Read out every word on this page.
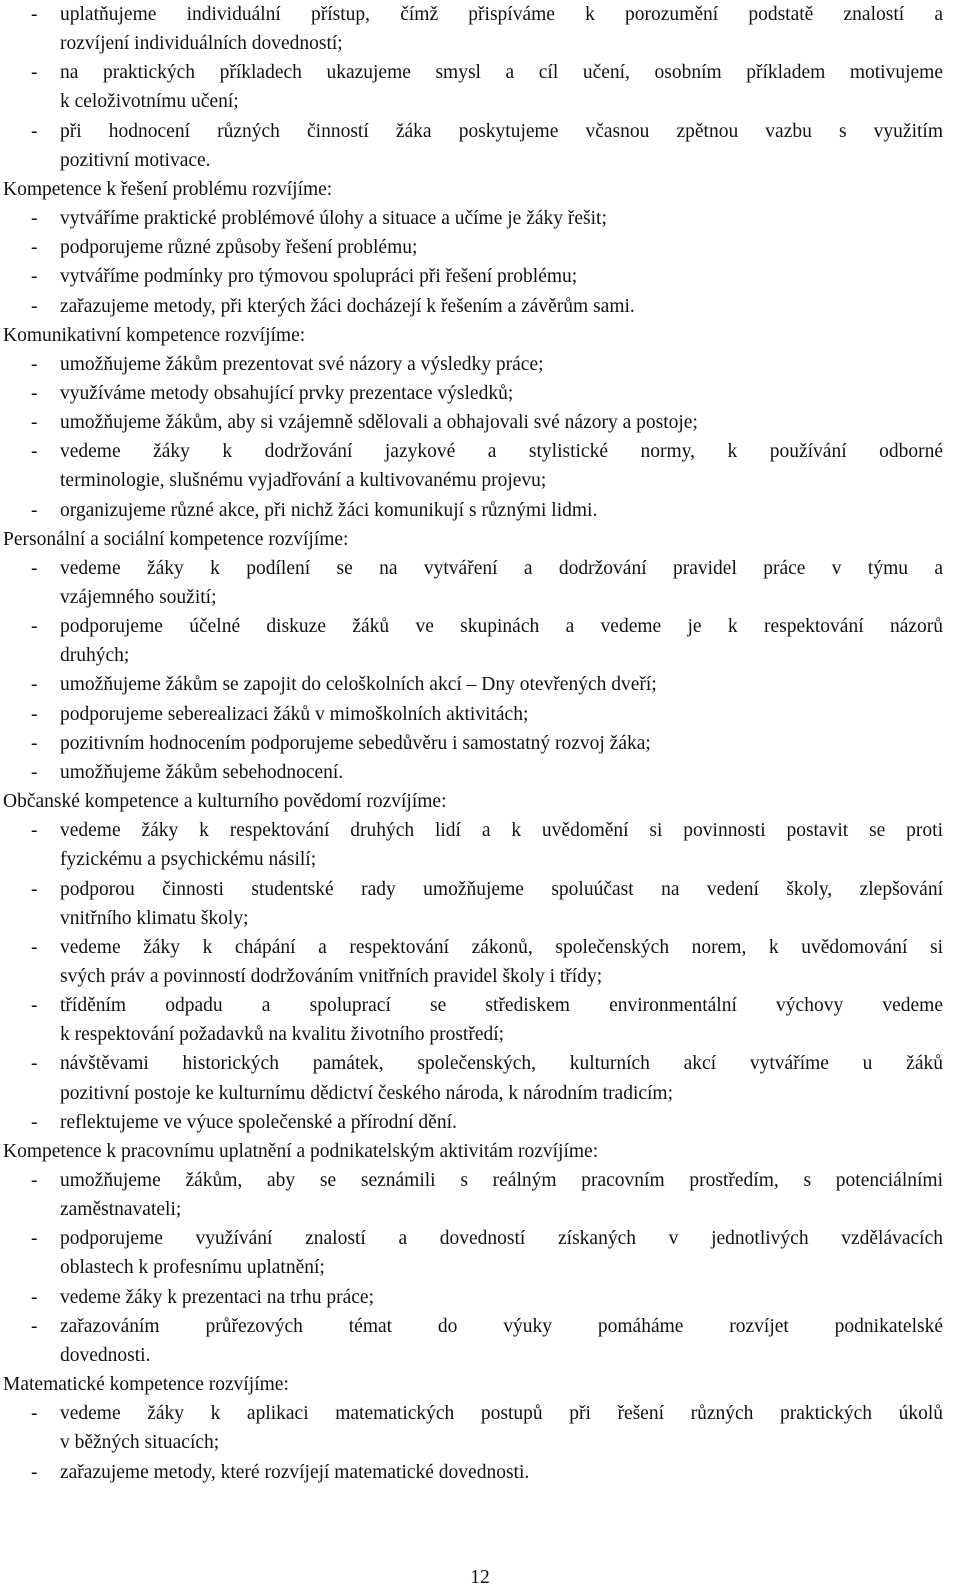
- uplatňujeme individuální přístup, čímž přispíváme k porozumění podstatě znalostí a
rozvíjení individuálních dovedností;
- na praktických příkladech ukazujeme smysl a cíl učení, osobním příkladem motivujeme
k celoživotnímu učení;
- při hodnocení různých činností žáka poskytujeme včasnou zpětnou vazbu s využitím
pozitivní motivace.
Kompetence k řešení problému rozvíjíme:
- vytváříme praktické problémové úlohy a situace a učíme je žáky řešit;
- podporujeme různé způsoby řešení problému;
- vytváříme podmínky pro týmovou spolupráci při řešení problému;
- zařazujeme metody, při kterých žáci docházejí k řešením a závěrům sami.
Komunikativní kompetence rozvíjíme:
- umožňujeme žákům prezentovat své názory a výsledky práce;
- využíváme metody obsahující prvky prezentace výsledků;
- umožňujeme žákům, aby si vzájemně sdělovali a obhajovali své názory a postoje;
- vedeme žáky k dodržování jazykové a stylistické normy, k používání odborné
terminologie, slušnému vyjadřování a kultivovanému projevu;
- organizujeme různé akce, při nichž žáci komunikují s různými lidmi.
Personální a sociální kompetence rozvíjíme:
- vedeme žáky k podílení se na vytváření a dodržování pravidel práce v týmu a
vzájemného soužití;
- podporujeme účelné diskuze žáků ve skupinách a vedeme je k respektování názorů
druhých;
- umožňujeme žákům se zapojit do celoškolních akcí – Dny otevřených dveří;
- podporujeme seberealizaci žáků v mimoškolních aktivitách;
- pozitivním hodnocením podporujeme sebedůvěru i samostatný rozvoj žáka;
- umožňujeme žákům sebehodnocení.
Občanské kompetence a kulturního povědomí rozvíjíme:
- vedeme žáky k respektování druhých lidí a k uvědomění si povinnosti postavit se proti
fyzickému a psychickému násilí;
- podporou činnosti studentské rady umožňujeme spoluúčast na vedení školy, zlepšování
vnitřního klimatu školy;
- vedeme žáky k chápání a respektování zákonů, společenských norem, k uvědomování si
svých práv a povinností dodržováním vnitřních pravidel školy i třídy;
- tříděním odpadu a spoluprací se střediskem environmentální výchovy vedeme
k respektování požadavků na kvalitu životního prostředí;
- návštěvami historických památek, společenských, kulturních akcí vytváříme u žáků
pozitivní postoje ke kulturnímu dědictví českého národa, k národním tradicím;
- reflektujeme ve výuce společenské a přírodní dění.
Kompetence k pracovnímu uplatnění a podnikatelským aktivitám rozvíjíme:
- umožňujeme žákům, aby se seznámili s reálným pracovním prostředím, s potenciálními
zaměstnavateli;
- podporujeme využívání znalostí a dovedností získaných v jednotlivých vzdělávacích
oblastech k profesnímu uplatnění;
- vedeme žáky k prezentaci na trhu práce;
- zařazováním průřezových témat do výuky pomáháme rozvíjet podnikatelské
dovednosti.
Matematické kompetence rozvíjíme:
- vedeme žáky k aplikaci matematických postupů při řešení různých praktických úkolů
v běžných situacích;
- zařazujeme metody, které rozvíjejí matematické dovednosti.
12
